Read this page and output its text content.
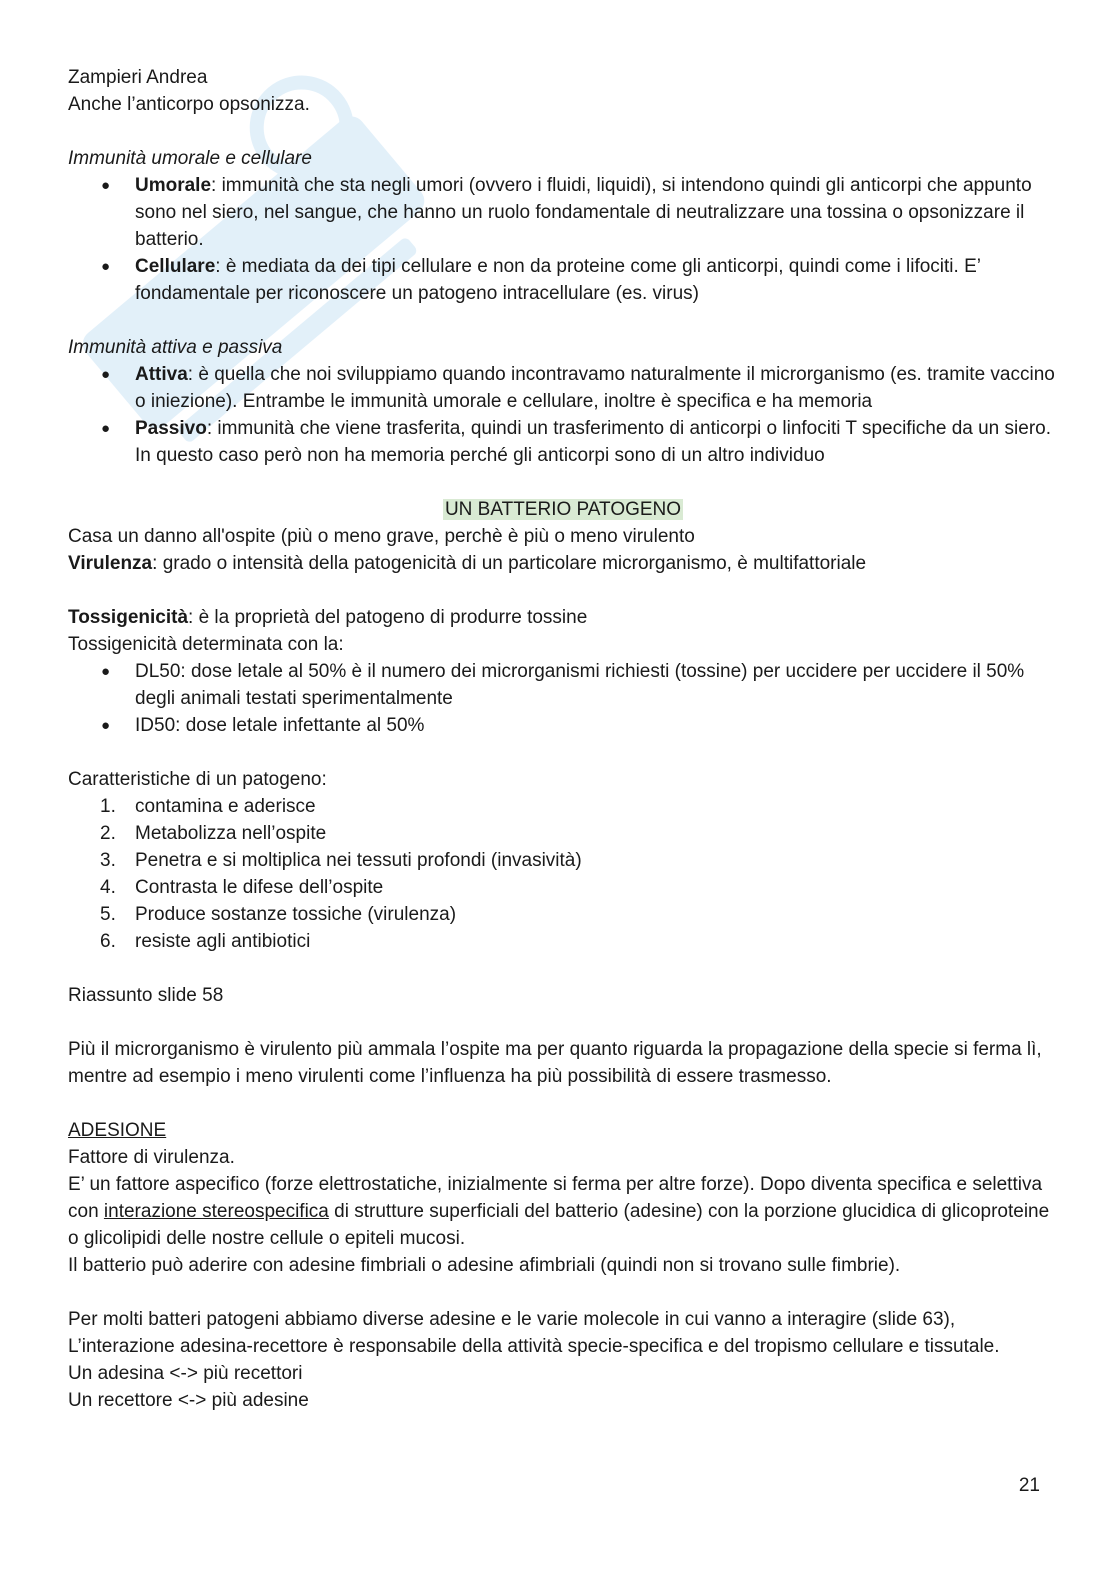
Zampieri Andrea

Anche l’anticorpo opsonizza.

Immunità umorale e cellulare

● Umorale: immunità che sta negli umori (ovvero i fluidi, liquidi), si intendono quindi gli anticorpi che appunto sono nel siero, nel sangue, che hanno un ruolo fondamentale di neutralizzare una tossina o opsonizzare il batterio.
● Cellulare: è mediata da dei tipi cellulare e non da proteine come gli anticorpi, quindi come i lifociti. E’ fondamentale per riconoscere un patogeno intracellulare (es. virus)

Immunità attiva e passiva

● Attiva: è quella che noi sviluppiamo quando incontravamo naturalmente il microrganismo (es. tramite vaccino o iniezione). Entrambe le immunità umorale e cellulare, inoltre è specifica e ha memoria
● Passivo: immunità che viene trasferita, quindi un trasferimento di anticorpi o linfociti T specifiche da un siero. In questo caso però non ha memoria perché gli anticorpi sono di un altro individuo

UN BATTERIO PATOGENO

Casa un danno all'ospite (più o meno grave, perchè è più o meno virulento

Virulenza: grado o intensità della patogenicità di un particolare microrganismo, è multifattoriale

Tossigenicità: è la proprietà del patogeno di produrre tossine

Tossigenicità determinata con la:

● DL50: dose letale al 50% è il numero dei microrganismi richiesti (tossine) per uccidere per uccidere il 50% degli animali testati sperimentalmente
● ID50: dose letale infettante al 50%

Caratteristiche di un patogeno:

1. contamina e aderisce
2. Metabolizza nell’ospite
3. Penetra e si moltiplica nei tessuti profondi (invasività)
4. Contrasta le difese dell’ospite
5. Produce sostanze tossiche (virulenza)
6. resiste agli antibiotici

Riassunto slide 58

Più il microrganismo è virulento più ammala l’ospite ma per quanto riguarda la propagazione della specie si ferma lì, mentre ad esempio i meno virulenti come l’influenza ha più possibilità di essere trasmesso.

ADESIONE

Fattore di virulenza.

E’ un fattore aspecifico (forze elettrostatiche, inizialmente si ferma per altre forze). Dopo diventa specifica e selettiva con interazione stereospecifica di strutture superficiali del batterio (adesine) con la porzione glucidica di glicoproteine o glicolipidi delle nostre cellule o epiteli mucosi.

Il batterio può aderire con adesine fimbriali o adesine afimbriali (quindi non si trovano sulle fimbrie).

Per molti batteri patogeni abbiamo diverse adesine e le varie molecole in cui vanno a interagire (slide 63), L’interazione adesina-recettore è responsabile della attività specie-specifica e del tropismo cellulare e tissutale.

Un adesina <-> più recettori

Un recettore <-> più adesine

21
